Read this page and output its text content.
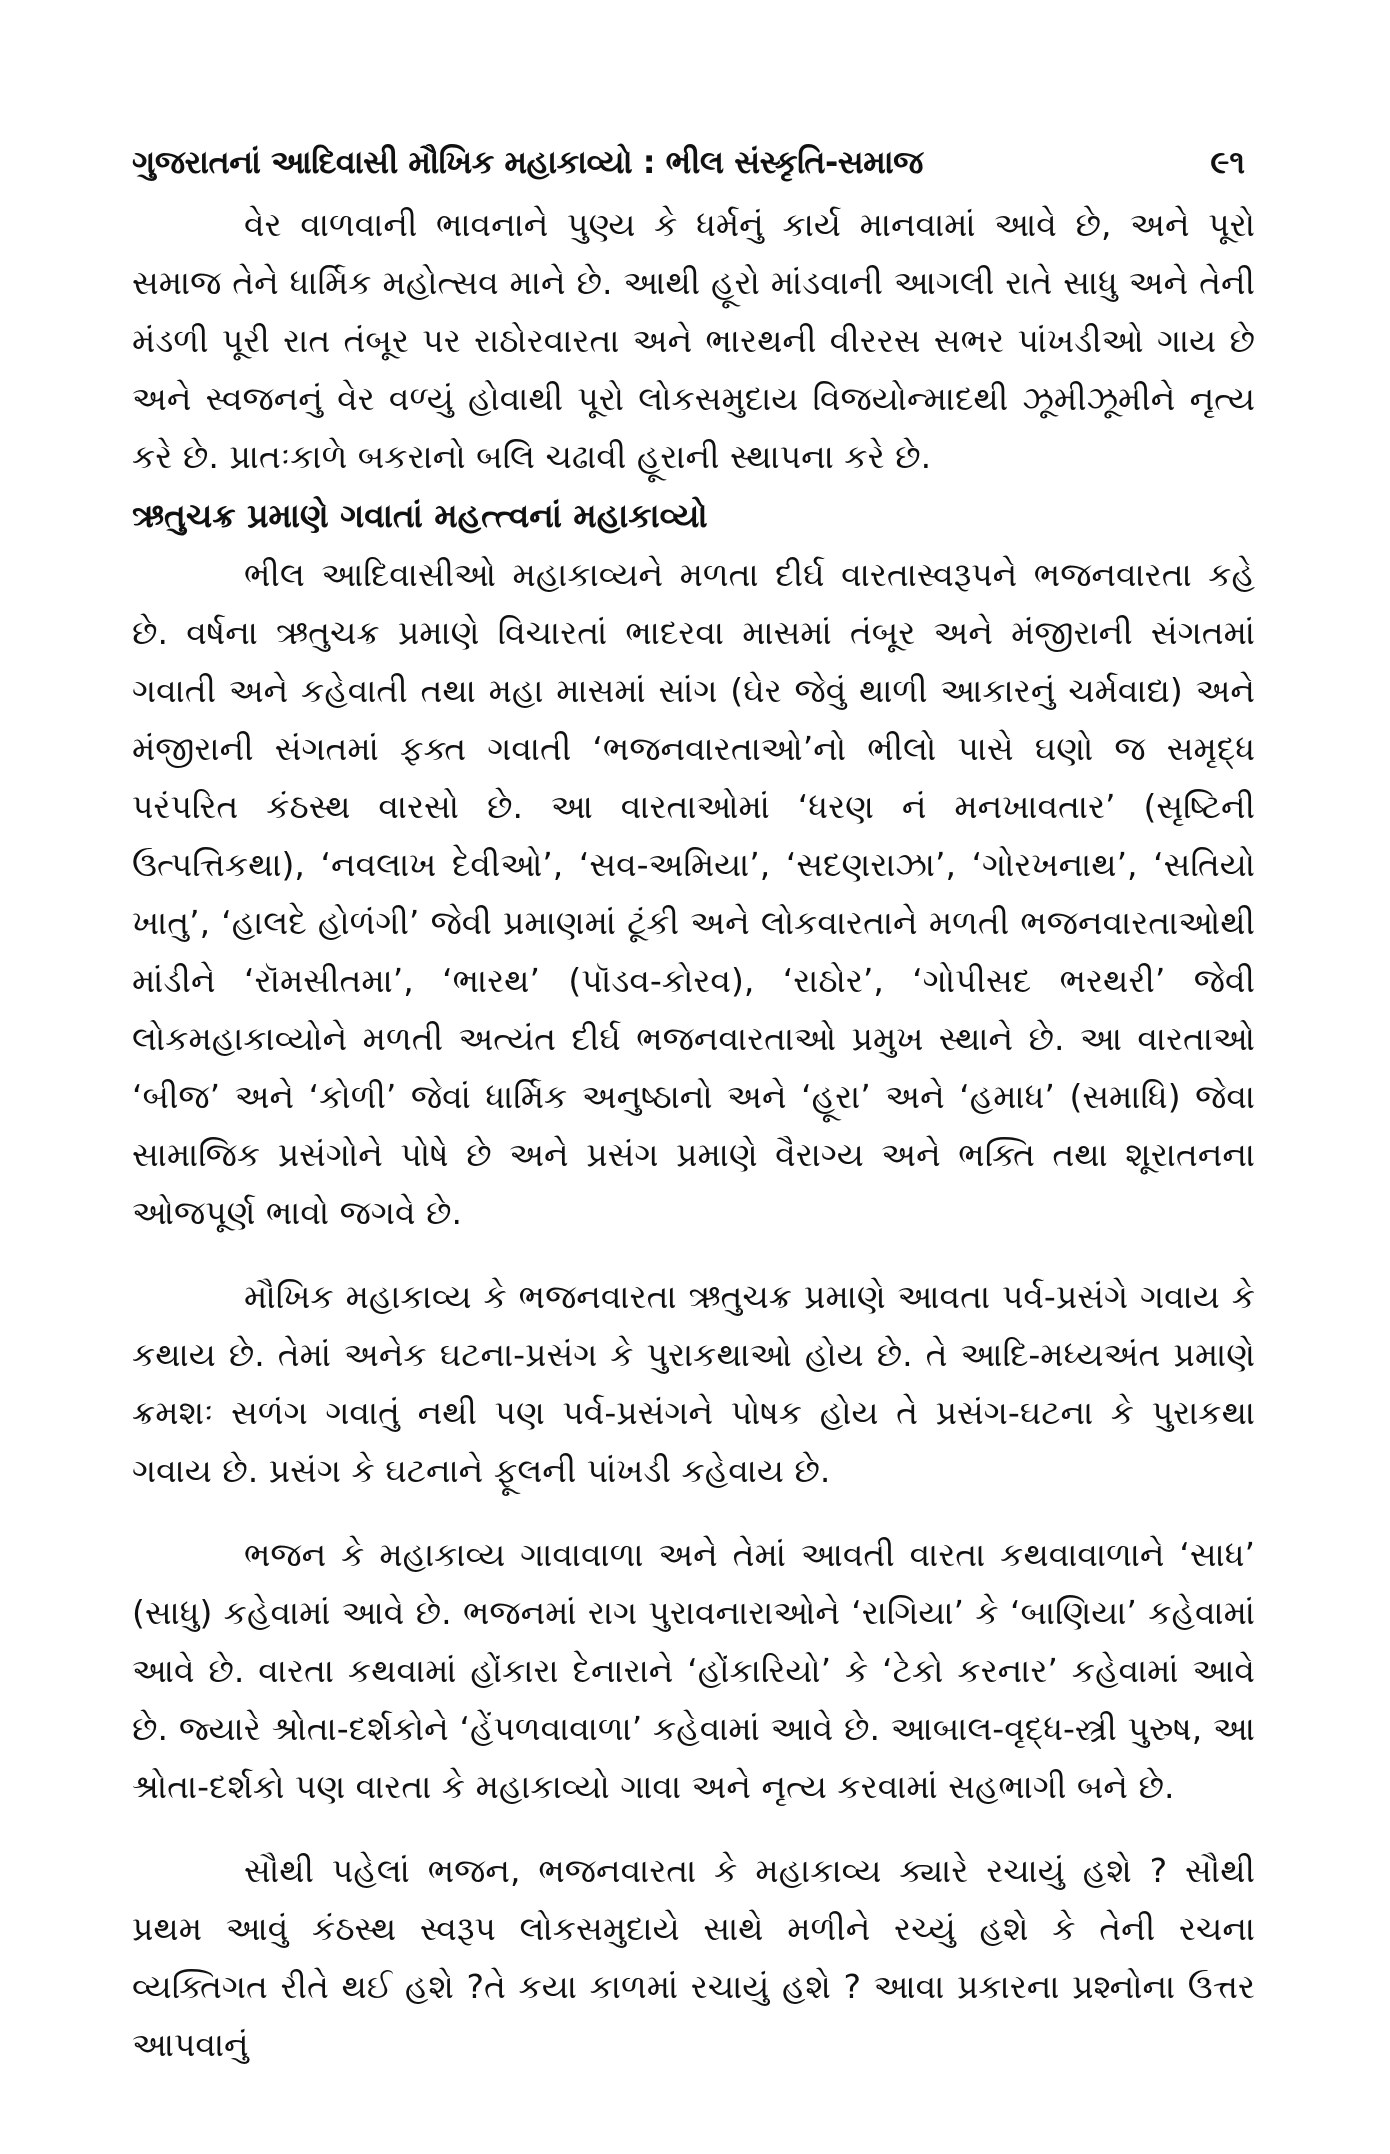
ગુજરાતનાં આદિવાસી મૌખિક મહાકાવ્યો : ભીલ સંસ્કૃતિ-સમાજ	૯૧

વેર વાળવાની ભાવનાને પુણ્ય કે ધર્મનું કાર્ય માનવામાં આવે છે, અને પૂરો સમાજ તેને ધાર્મિક મહોત્સવ માને છે. આથી હૂરો માંડવાની આગલી રાતે સાધુ અને તેની મંડળી પૂરી રાત તંબૂર પર રાઠોરવારતા અને ભારથની વીરરસ સભર પાંખડીઓ ગાય છે અને સ્વજનનું વેર વળ્યું હોવાથી પૂરો લોકસમુદાય વિજયોન્માદથી ઝૂમીઝૂમીને નૃત્ય કરે છે. પ્રાતઃકાળે બકરાનો બલિ ચઢાવી હૂરાની સ્થાપના કરે છે.

ઋતુચક્ર પ્રમાણે ગવાતાં મહત્ત્વનાં મહાકાવ્યો

ભીલ આદિવાસીઓ મહાકાવ્યને મળતા દીર્ઘ વારતાસ્વરૂપને ભજનવારતા કહે છે. વર્ષના ઋતુચક્ર પ્રમાણે વિચારતાં ભાદરવા માસમાં તંબૂર અને મંજીરાની સંગતમાં ગવાતી અને કહેવાતી તથા મહા માસમાં સાંગ (ઘેર જેવું થાળી આકારનું ચર્મવાદ્ય) અને મંજીરાની સંગતમાં ફક્ત ગવાતી ‘ભજનવારતાઓ’નો ભીલો પાસે ઘણો જ સમૃદ્ધ પરંપરિત કંઠસ્થ વારસો છે. આ વારતાઓમાં ‘ધરણ નં મનખાવતાર’ (સૃષ્ટિની ઉત્પત્તિકથા), ‘નવલાખ દેવીઓ’, ‘સવ-અમિયા’, ‘સદણરાઝા’, ‘ગોરખનાથ’, ‘સતિયો ખાતુ’, ‘હાલદે હોળંગી’ જેવી પ્રમાણમાં ટૂંકી અને લોકવારતાને મળતી ભજનવારતાઓથી માંડીને ‘રૉમસીતમા’, ‘ભારથ’ (પૉડવ-કોરવ), ‘રાઠોર’, ‘ગોપીસદ ભરથરી’ જેવી લોકમહાકાવ્યોને મળતી અત્યંત દીર્ઘ ભજનવારતાઓ પ્રમુખ સ્થાને છે. આ વારતાઓ ‘બીજ’ અને ‘કોળી’ જેવાં ધાર્મિક અનુષ્ઠાનો અને ‘હૂરા’ અને ‘હમાધ’ (સમાધિ) જેવા સામાજિક પ્રસંગોને પોષે છે અને પ્રસંગ પ્રમાણે વૈરાગ્ય અને ભક્તિ તથા શૂરાતનના ઓજપૂર્ણ ભાવો જગવે છે.

મૌખિક મહાકાવ્ય કે ભજનવારતા ઋતુચક્ર પ્રમાણે આવતા પર્વ-પ્રસંગે ગવાય કે કથાય છે. તેમાં અનેક ઘટના-પ્રસંગ કે પુરાકથાઓ હોય છે. તે આદિ-મધ્યઅંત પ્રમાણે ક્રમશઃ સળંગ ગવાતું નથી પણ પર્વ-પ્રસંગને પોષક હોય તે પ્રસંગ-ઘટના કે પુરાકથા ગવાય છે. પ્રસંગ કે ઘટનાને ફૂલની પાંખડી કહેવાય છે.

ભજન કે મહાકાવ્ય ગાવાવાળા અને તેમાં આવતી વારતા કથવાવાળાને ‘સાધ’ (સાધુ) કહેવામાં આવે છે. ભજનમાં રાગ પુરાવનારાઓને ‘રાગિયા’ કે ‘બાણિયા’ કહેવામાં આવે છે. વારતા કથવામાં હોંકારા દેનારાને ‘હોંકારિયો’ કે ‘ટેકો કરનાર’ કહેવામાં આવે છે. જ્યારે શ્રોતા-દર્શકોને ‘હેંપળવાવાળા’ કહેવામાં આવે છે. આબાલ-વૃદ્ધ-સ્ત્રી પુરુષ, આ શ્રોતા-દર્શકો પણ વારતા કે મહાકાવ્યો ગાવા અને નૃત્ય કરવામાં સહભાગી બને છે.

સૌથી પહેલાં ભજન, ભજનવારતા કે મહાકાવ્ય ક્યારે રચાયું હશે ? સૌથી પ્રથમ આવું કંઠસ્થ સ્વરૂપ લોકસમુદાયે સાથે મળીને રચ્યું હશે કે તેની રચના વ્યક્તિગત રીતે થઈ હશે ?તે કયા કાળમાં રચાયું હશે ? આવા પ્રકારના પ્રશ્નોના ઉત્તર આપવાનું
